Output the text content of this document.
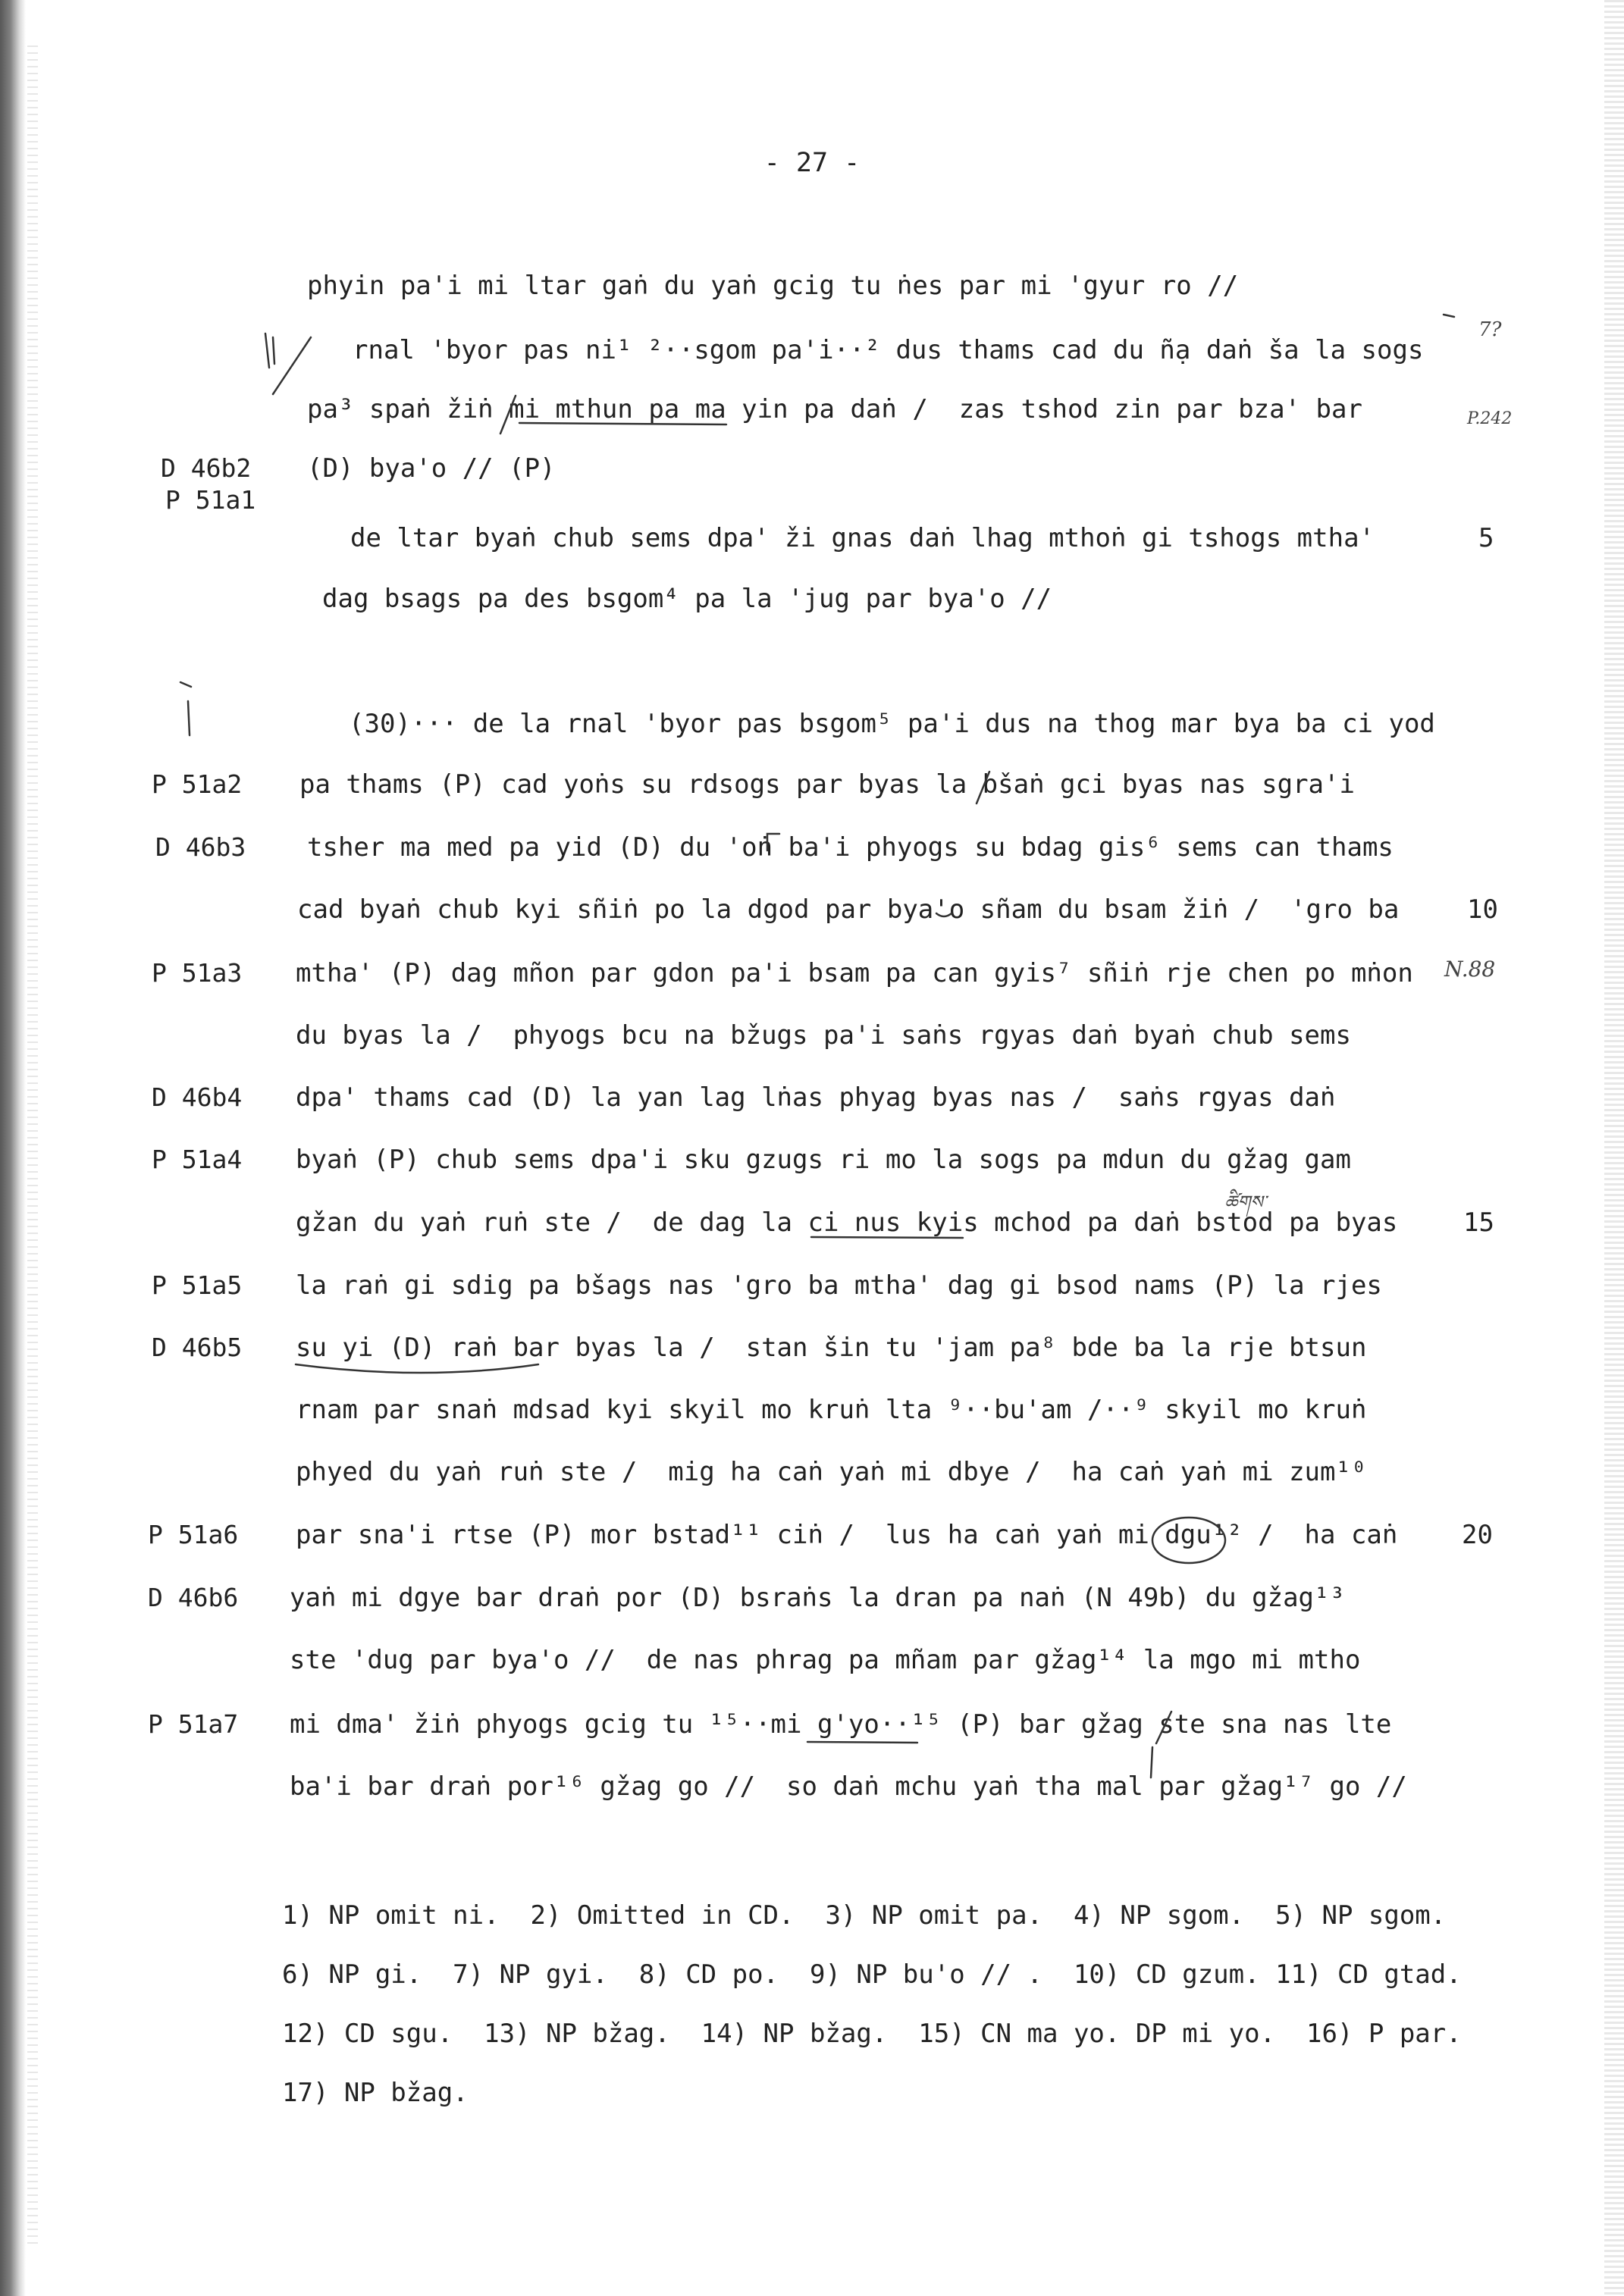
- 27 -
phyin pa'i mi ltar gaṅ du yaṅ gcig tu ṅes par mi 'gyur ro //
rnal 'byor pas ni¹ ²··sgom pa'i··² dus thams cad du ñạ daṅ ša la sogs
pa³ spaṅ žiṅ mi mthun pa ma yin pa daṅ /  zas tshod zin par bza' bar
(D) bya'o // (P)
de ltar byaṅ chub sems dpa' ži gnas daṅ lhag mthoṅ gi tshogs mtha'
dag bsags pa des bsgom⁴ pa la 'jug par bya'o //
(30)··· de la rnal 'byor pas bsgom⁵ pa'i dus na thog mar bya ba ci yod
pa thams (P) cad yoṅs su rdsogs par byas la bšaṅ gci byas nas sgra'i
tsher ma med pa yid (D) du 'oṅ ba'i phyogs su bdag gis⁶ sems can thams
cad byaṅ chub kyi sñiṅ po la dgod par bya'o sñam du bsam žiṅ /  'gro ba
mtha' (P) dag mñon par gdon pa'i bsam pa can gyis⁷ sñiṅ rje chen po mṅon
du byas la /  phyogs bcu na bžugs pa'i saṅs rgyas daṅ byaṅ chub sems
dpa' thams cad (D) la yan lag lṅas phyag byas nas /  saṅs rgyas daṅ
byaṅ (P) chub sems dpa'i sku gzugs ri mo la sogs pa mdun du gžag gam
gžan du yaṅ ruṅ ste /  de dag la ci nus kyis mchod pa daṅ bstod pa byas
la raṅ gi sdig pa bšags nas 'gro ba mtha' dag gi bsod nams (P) la rjes
su yi (D) raṅ bar byas la /  stan šin tu 'jam pa⁸ bde ba la rje btsun
rnam par snaṅ mdsad kyi skyil mo kruṅ lta ⁹··bu'am /··⁹ skyil mo kruṅ
phyed du yaṅ ruṅ ste /  mig ha caṅ yaṅ mi dbye /  ha caṅ yaṅ mi zum¹⁰
par sna'i rtse (P) mor bstad¹¹ ciṅ /  lus ha caṅ yaṅ mi dgu¹² /  ha caṅ
yaṅ mi dgye bar draṅ por (D) bsraṅs la dran pa naṅ (N 49b) du gžag¹³
ste 'dug par bya'o //  de nas phrag pa mñam par gžag¹⁴ la mgo mi mtho
mi dma' žiṅ phyogs gcig tu ¹⁵··mi g'yo··¹⁵ (P) bar gžag ste sna nas lte
ba'i bar draṅ por¹⁶ gžag go //  so daṅ mchu yaṅ tha mal par gžag¹⁷ go //
D 46b2
P 51a1
P 51a2
D 46b3
P 51a3
D 46b4
P 51a4
P 51a5
D 46b5
P 51a6
D 46b6
P 51a7
5
10
15
20
7?
P.242
N.88
ཚིགས་
1) NP omit ni.  2) Omitted in CD.  3) NP omit pa.  4) NP sgom.  5) NP sgom.
6) NP gi.  7) NP gyi.  8) CD po.  9) NP bu'o // .  10) CD gzum. 11) CD gtad.
12) CD sgu.  13) NP bžag.  14) NP bžag.  15) CN ma yo. DP mi yo.  16) P par.
17) NP bžag.
